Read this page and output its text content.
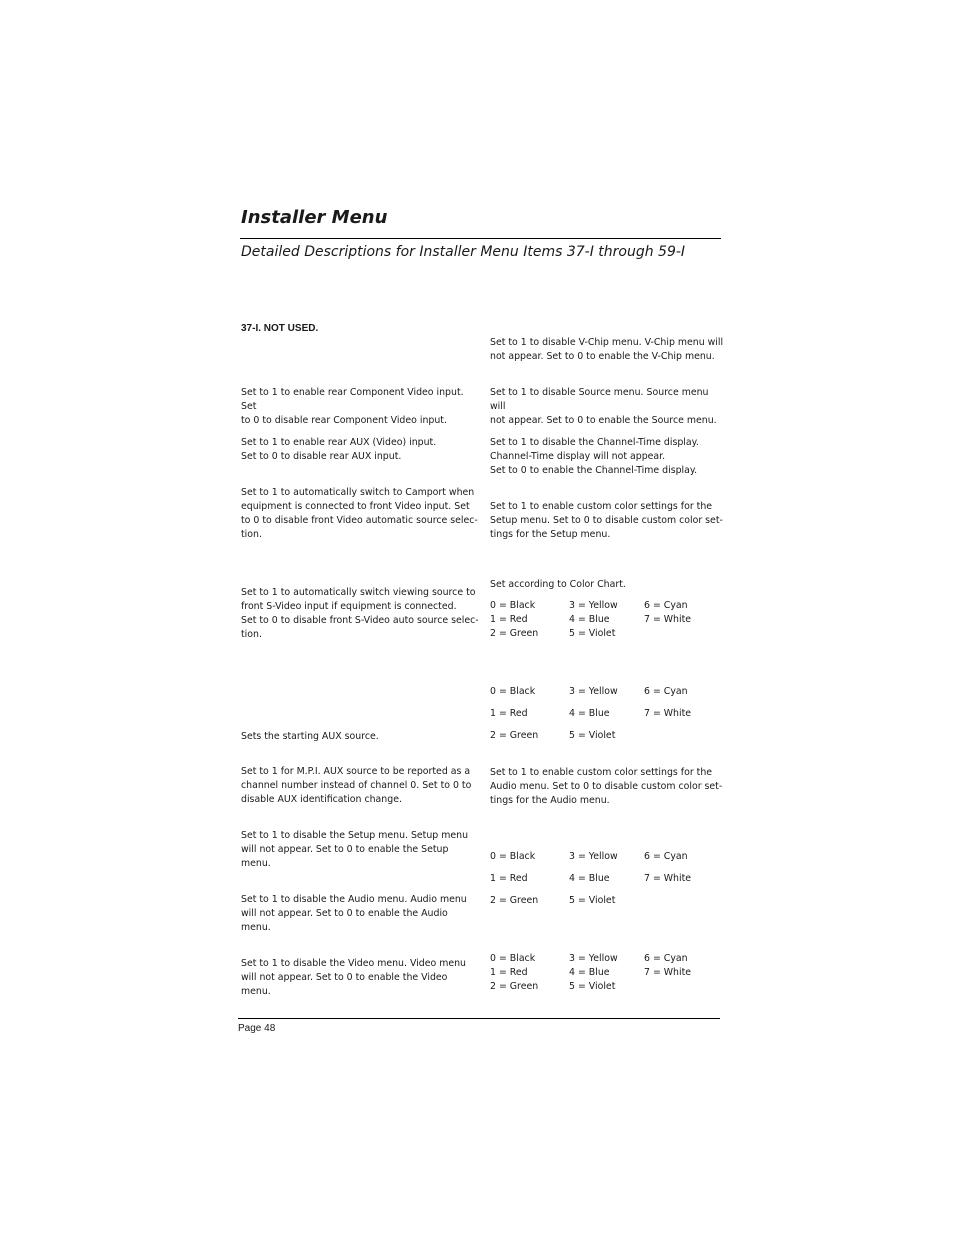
Installer Menu
Detailed Descriptions for Installer Menu Items 37-I through 59-I
37-I. NOT USED.
Set to 1 to enable rear Component Video input. Set
to 0 to disable rear Component Video input.
Set to 1 to enable rear AUX (Video) input.
Set to 0 to disable rear AUX input.
Set to 1 to automatically switch to Camport when
equipment is connected to front Video input. Set
to 0 to disable front Video automatic source selec-
tion.
Set to 1 to automatically switch viewing source to
front S-Video input if equipment is connected.
Set to 0 to disable front S-Video auto source selec-
tion.
Sets the starting AUX source.
Set to 1 for M.P.I. AUX source to be reported as a
channel number instead of channel 0. Set to 0 to
disable AUX identification change.
Set to 1 to disable the Setup menu. Setup menu
will not appear. Set to 0 to enable the Setup
menu.
Set to 1 to disable the Audio menu. Audio menu
will not appear. Set to 0 to enable the Audio
menu.
Set to 1 to disable the Video menu. Video menu
will not appear. Set to 0 to enable the Video
menu.
Set to 1 to disable V-Chip menu. V-Chip menu will
not appear. Set to 0 to enable the V-Chip menu.
Set to 1 to disable Source menu. Source menu will
not appear. Set to 0 to enable the Source menu.
Set to 1 to disable the Channel-Time display.
Channel-Time display will not appear.
Set to 0 to enable the Channel-Time display.
Set to 1 to enable custom color settings for the
Setup menu. Set to 0 to disable custom color set-
tings for the Setup menu.
Set according to Color Chart.
0 = Black	3 = Yellow	6 = Cyan
1 = Red	4 = Blue	7 = White
2 = Green	5 = Violet
0 = Black	3 = Yellow	6 = Cyan
1 = Red	4 = Blue	7 = White
2 = Green	5 = Violet
Set to 1 to enable custom color settings for the
Audio menu. Set to 0 to disable custom color set-
tings for the Audio menu.
0 = Black	3 = Yellow	6 = Cyan
1 = Red	4 = Blue	7 = White
2 = Green	5 = Violet
0 = Black	3 = Yellow	6 = Cyan
1 = Red	4 = Blue	7 = White
2 = Green	5 = Violet
Page 48
